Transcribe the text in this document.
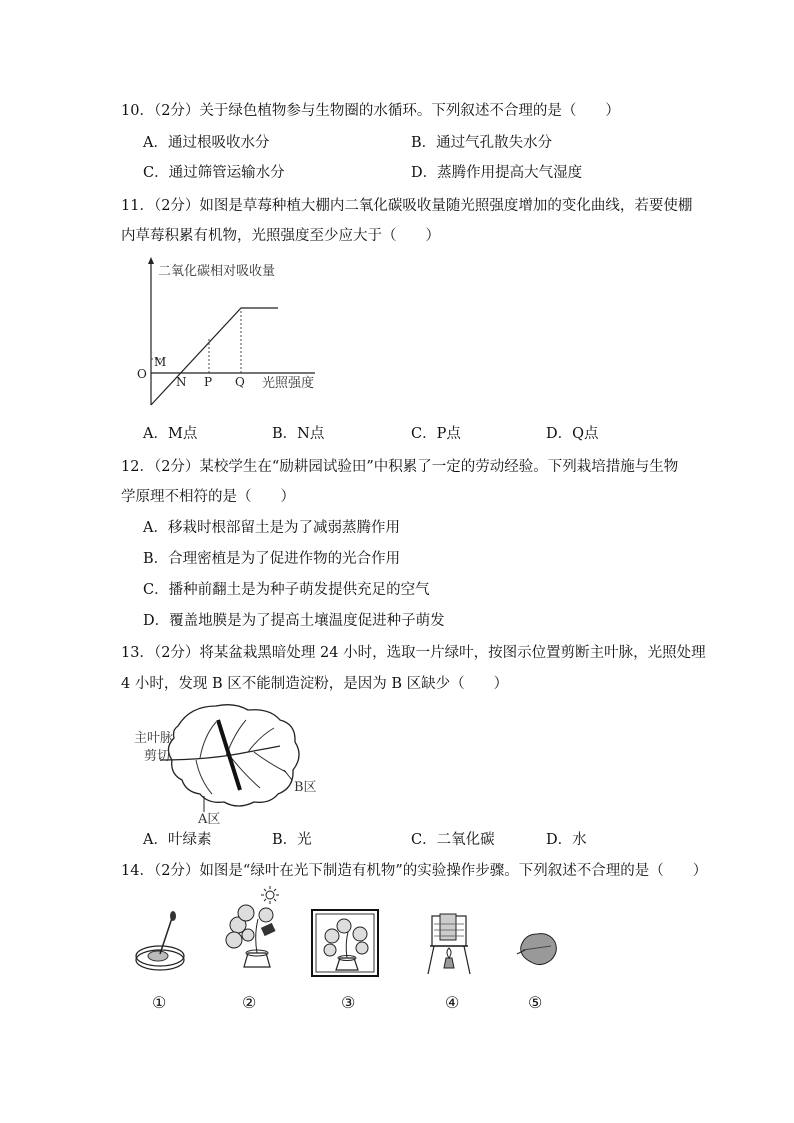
10．（2分）关于绿色植物参与生物圈的水循环。下列叙述不合理的是（　　）
A．通过根吸收水分	B．通过气孔散失水分
C．通过筛管运输水分	D．蒸腾作用提高大气湿度
11．（2分）如图是草莓种植大棚内二氧化碳吸收量随光照强度增加的变化曲线，若要使棚
内草莓积累有机物，光照强度至少应大于（　　）
二氧化碳相对吸收量
M
O
N P Q 光照强度
A．M点	B．N点	C．P点	D．Q点
12．（2分）某校学生在“励耕园试验田”中积累了一定的劳动经验。下列栽培措施与生物
学原理不相符的是（　　）
A．移栽时根部留土是为了减弱蒸腾作用
B．合理密植是为了促进作物的光合作用
C．播种前翻土是为种子萌发提供充足的空气
D．覆盖地膜是为了提高土壤温度促进种子萌发
13．（2分）将某盆栽黑暗处理 24 小时，选取一片绿叶，按图示位置剪断主叶脉，光照处理
4 小时，发现 B 区不能制造淀粉，是因为 B 区缺少（　　）
主叶脉
剪切
B区
A区
A．叶绿素	B．光	C．二氧化碳	D．水
14．（2分）如图是“绿叶在光下制造有机物”的实验操作步骤。下列叙述不合理的是（　　）
①	②	③	④	⑤
